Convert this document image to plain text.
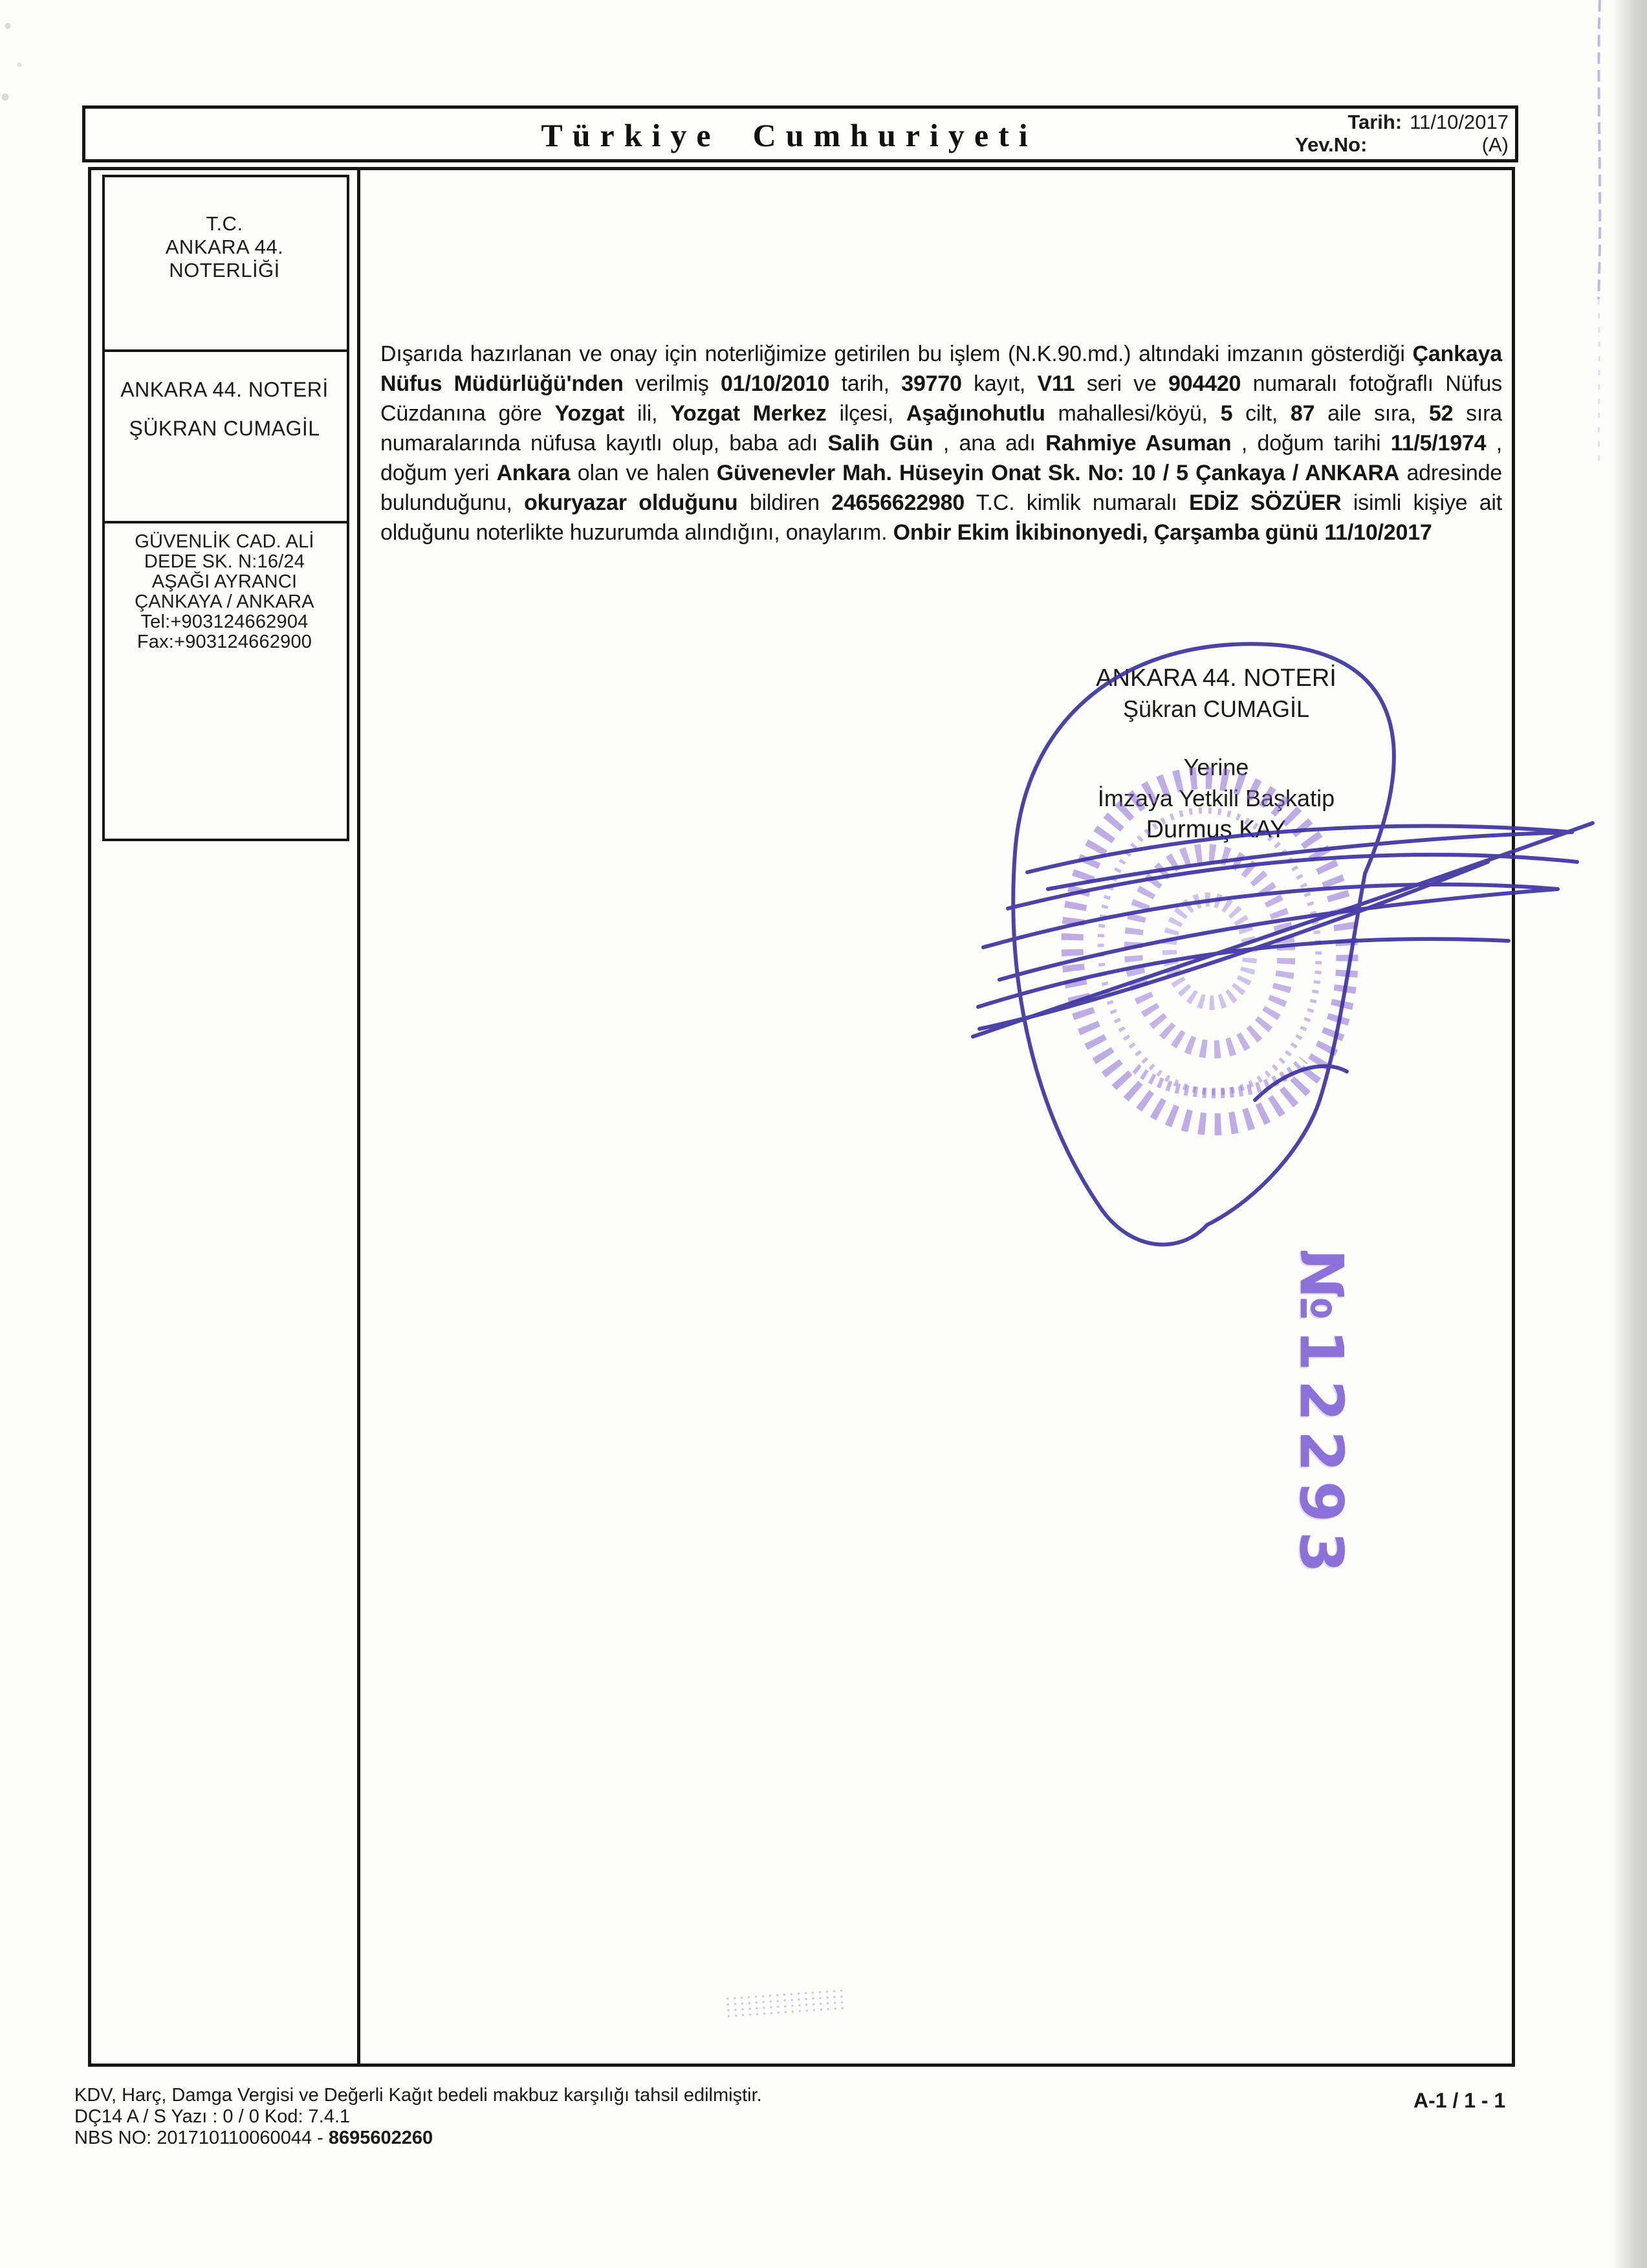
Türkiye Cumhuriyeti	Tarih: 11/10/2017
Yev.No:	(A)
T.C.
ANKARA 44.
NOTERLİĞİ
ANKARA 44. NOTERİ
ŞÜKRAN CUMAGİL
GÜVENLİK CAD. ALİ
DEDE SK. N:16/24
AŞAĞI AYRANCI
ÇANKAYA / ANKARA
Tel:+903124662904
Fax:+903124662900
Dışarıda hazırlanan ve onay için noterliğimize getirilen bu işlem (N.K.90.md.) altındaki imzanın gösterdiği Çankaya Nüfus Müdürlüğü'nden verilmiş 01/10/2010 tarih, 39770 kayıt, V11 seri ve 904420 numaralı fotoğraflı Nüfus Cüzdanına göre Yozgat ili, Yozgat Merkez ilçesi, Aşağınohutlu mahallesi/köyü, 5 cilt, 87 aile sıra, 52 sıra numaralarında nüfusa kayıtlı olup, baba adı Salih Gün , ana adı Rahmiye Asuman , doğum tarihi 11/5/1974 , doğum yeri Ankara olan ve halen Güvenevler Mah. Hüseyin Onat Sk. No: 10 / 5 Çankaya / ANKARA adresinde bulunduğunu, okuryazar olduğunu bildiren 24656622980 T.C. kimlik numaralı EDİZ SÖZÜER isimli kişiye ait olduğunu noterlikte huzurumda alındığını, onaylarım. Onbir Ekim İkibinonyedi, Çarşamba günü 11/10/2017
ANKARA 44. NOTERİ
Şükran CUMAGİL
Yerine
İmzaya Yetkili Başkatip
Durmuş KAY
№12293
KDV, Harç, Damga Vergisi ve Değerli Kağıt bedeli makbuz karşılığı tahsil edilmiştir.
DÇ14 A / S Yazı : 0 / 0 Kod: 7.4.1
NBS NO: 201710110060044 - 8695602260
A-1 / 1 - 1
